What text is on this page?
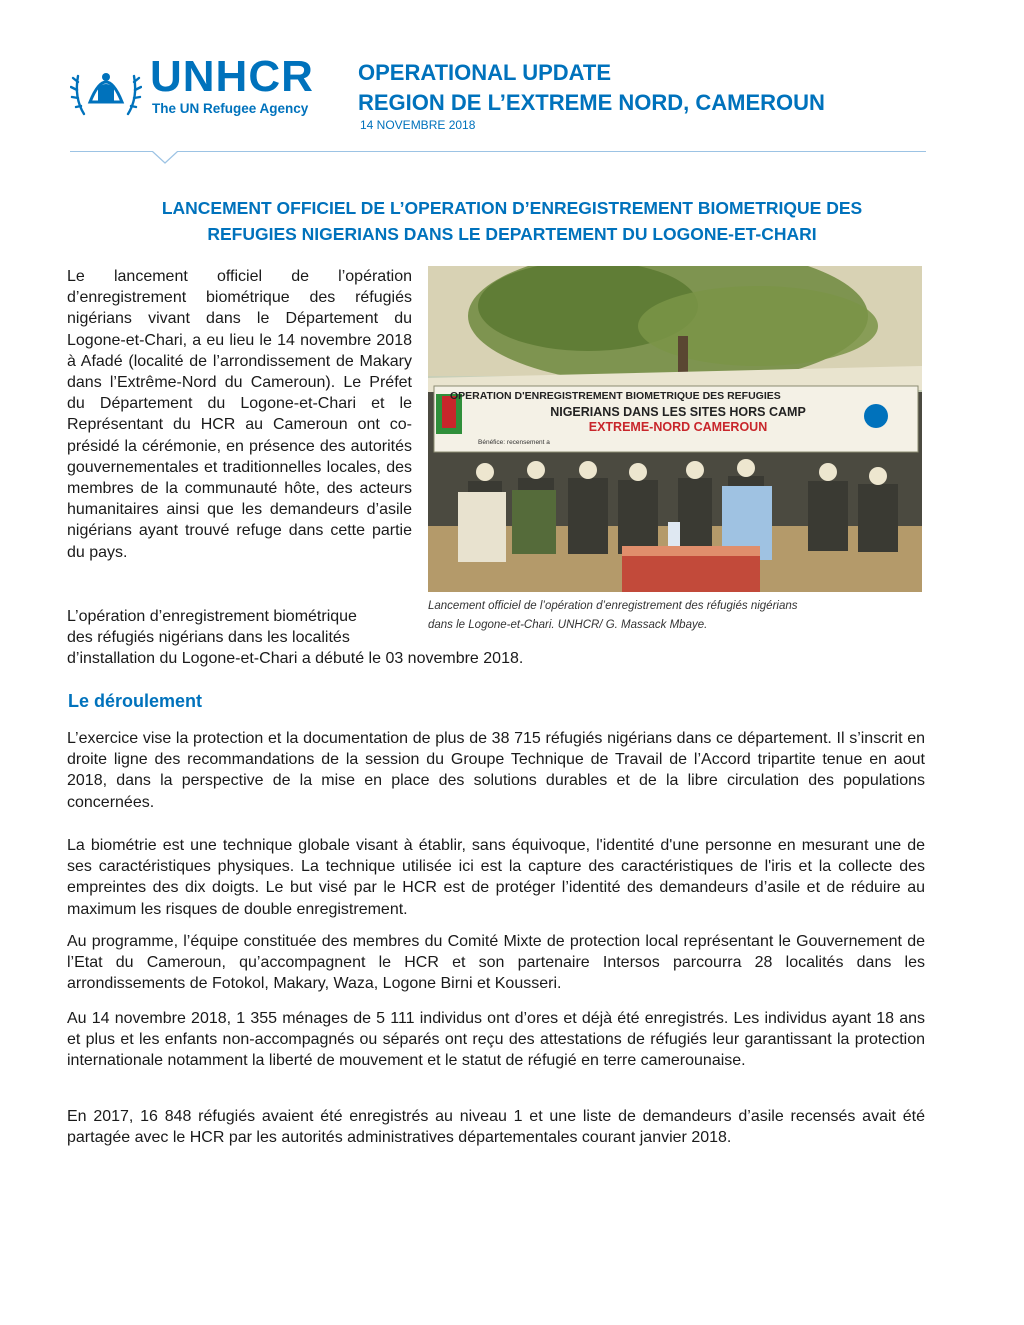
UNHCR
The UN Refugee Agency
OPERATIONAL UPDATE
REGION DE L’EXTREME NORD, CAMEROUN
14 NOVEMBRE 2018
LANCEMENT OFFICIEL DE L’OPERATION D’ENREGISTREMENT BIOMETRIQUE DES
REFUGIES NIGERIANS DANS LE DEPARTEMENT DU LOGONE-ET-CHARI

Le lancement officiel de l’opération d’enregistrement biométrique des réfugiés nigérians vivant dans le Département du Logone-et-Chari, a eu lieu le 14 novembre 2018 à Afadé (localité de l’arrondissement de Makary dans l’Extrême-Nord du Cameroun). Le Préfet du Département du Logone-et-Chari et le Représentant du HCR au Cameroun ont co-présidé la cérémonie, en présence des autorités gouvernementales et traditionnelles locales, des membres de la communauté hôte, des acteurs humanitaires ainsi que les demandeurs d’asile nigérians ayant trouvé refuge dans cette partie du pays.

OPERATION D'ENREGISTREMENT BIOMETRIQUE DES REFUGIES
NIGERIANS DANS LES SITES HORS CAMP
EXTREME-NORD CAMEROUN
Bénéfice: recensement a
Lancement officiel de l’opération d’enregistrement des réfugiés nigérians
dans le Logone-et-Chari. UNHCR/ G. Massack Mbaye.
L’opération d’enregistrement biométrique
des réfugiés nigérians dans les localités
d’installation du Logone-et-Chari a débuté le 03 novembre 2018.
Le déroulement

L’exercice vise la protection et la documentation de plus de 38 715 réfugiés nigérians dans ce département. Il s’inscrit en droite ligne des recommandations de la session du Groupe Technique de Travail de l’Accord tripartite tenue en aout 2018, dans la perspective de la mise en place des solutions durables et de la libre circulation des populations concernées.

La biométrie est une technique globale visant à établir, sans équivoque, l'identité d'une personne en mesurant une de ses caractéristiques physiques. La technique utilisée ici est la capture des caractéristiques de l'iris et la collecte des empreintes des dix doigts. Le but visé par le HCR est de protéger l’identité des demandeurs d’asile et de réduire au maximum les risques de double enregistrement.

Au programme, l’équipe constituée des membres du Comité Mixte de protection local représentant le Gouvernement de l’Etat du Cameroun, qu’accompagnent le HCR et son partenaire Intersos parcourra 28 localités dans les arrondissements de Fotokol, Makary, Waza, Logone Birni et Kousseri.

Au 14 novembre 2018, 1 355 ménages de 5 111 individus ont d’ores et déjà été enregistrés. Les individus ayant 18 ans et plus et les enfants non-accompagnés ou séparés ont reçu des attestations de réfugiés leur garantissant la protection internationale notamment la liberté de mouvement et le statut de réfugié en terre camerounaise.

En 2017, 16 848 réfugiés avaient été enregistrés au niveau 1 et une liste de demandeurs d’asile recensés avait été partagée avec le HCR par les autorités administratives départementales courant janvier 2018.
